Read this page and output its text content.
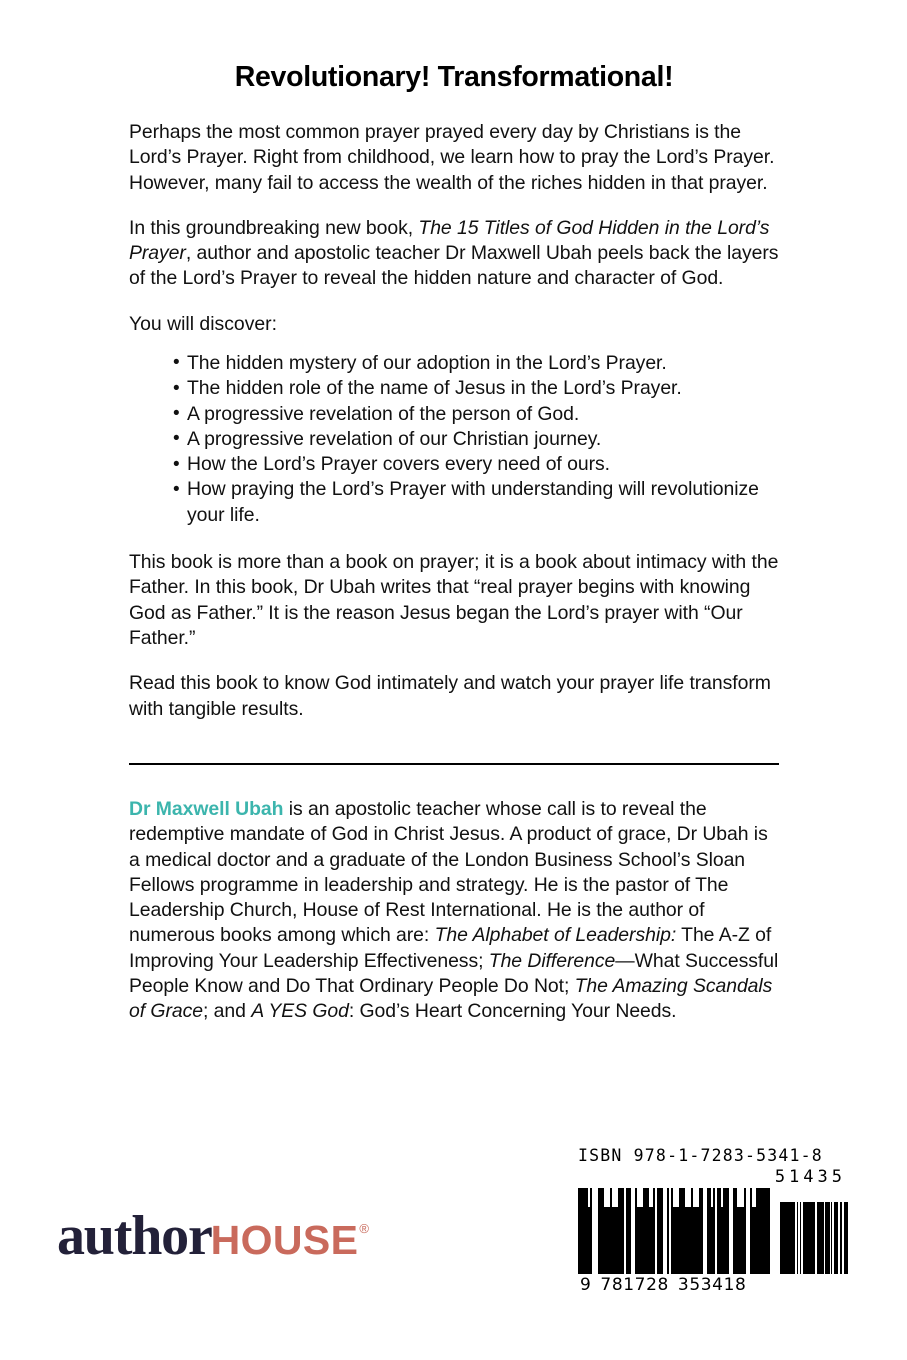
Revolutionary! Transformational!

Perhaps the most common prayer prayed every day by Christians is the Lord’s Prayer. Right from childhood, we learn how to pray the Lord’s Prayer. However, many fail to access the wealth of the riches hidden in that prayer.

In this groundbreaking new book, The 15 Titles of God Hidden in the Lord’s Prayer, author and apostolic teacher Dr Maxwell Ubah peels back the layers of the Lord’s Prayer to reveal the hidden nature and character of God.

You will discover:

• The hidden mystery of our adoption in the Lord’s Prayer.
• The hidden role of the name of Jesus in the Lord’s Prayer.
• A progressive revelation of the person of God.
• A progressive revelation of our Christian journey.
• How the Lord’s Prayer covers every need of ours.
• How praying the Lord’s Prayer with understanding will revolutionize your life.

This book is more than a book on prayer; it is a book about intimacy with the Father. In this book, Dr Ubah writes that “real prayer begins with knowing God as Father.” It is the reason Jesus began the Lord’s prayer with “Our Father.”

Read this book to know God intimately and watch your prayer life transform with tangible results.

Dr Maxwell Ubah is an apostolic teacher whose call is to reveal the redemptive mandate of God in Christ Jesus. A product of grace, Dr Ubah is a medical doctor and a graduate of the London Business School’s Sloan Fellows programme in leadership and strategy. He is the pastor of The Leadership Church, House of Rest International. He is the author of numerous books among which are: The Alphabet of Leadership: The A-Z of Improving Your Leadership Effectiveness; The Difference—What Successful People Know and Do That Ordinary People Do Not; The Amazing Scandals of Grace; and A YES God: God’s Heart Concerning Your Needs.

author HOUSE ®
ISBN 978-1-7283-5341-8
51435
9 781728 353418
